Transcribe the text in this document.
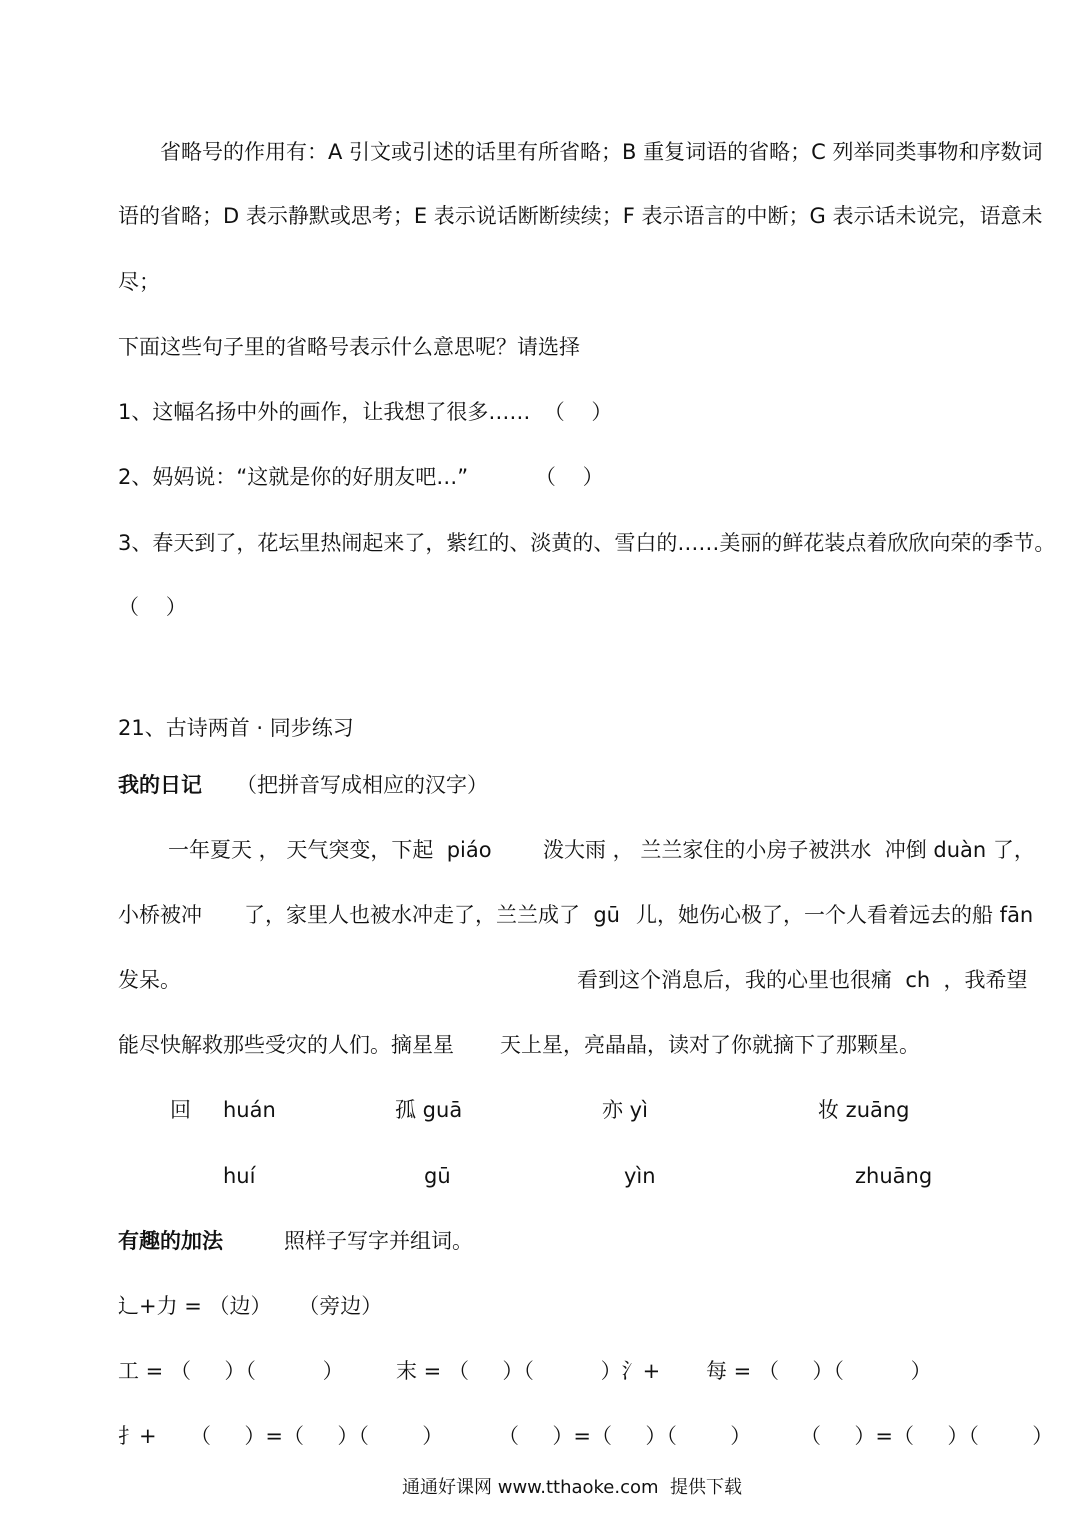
省略号的作用有：A 引文或引述的话里有所省略；B 重复词语的省略；C 列举同类事物和序数词
语的省略；D 表示静默或思考；E 表示说话断断续续；F 表示语言的中断；G 表示话未说完，语意未
尽；
下面这些句子里的省略号表示什么意思呢？请选择
1、这幅名扬中外的画作，让我想了很多……  （    ）
2、妈妈说：“这就是你的好朋友吧…”          （    ）
3、春天到了，花坛里热闹起来了，紫红的、淡黄的、雪白的……美丽的鲜花装点着欣欣向荣的季节。
（    ）
21、古诗两首 · 同步练习
我的日记 （把拼音写成相应的汉字）
一年夏天 ， 天气突变，下起  piáo 泼大雨 ， 兰兰家住的小房子被洪水  冲倒 duàn 了，
小桥被冲 了，家里人也被水冲走了，兰兰成了  gū 儿，她伤心极了，一个人看着远去的船 fān
发呆。	看到这个消息后，我的心里也很痛  ch  ，我希望
能尽快解救那些受灾的人们。摘星星 天上星，亮晶晶，读对了你就摘下了那颗星。
回 huán	孤 guā	亦 yì	妆 zuāng
huí	gū	yìn	zhuāng
有趣的加法	照样子写字并组词。
辶+力 = （边）    （旁边）
工 = （     ）（          ） 末 = （     ）（          ）氵+ 每 = （     ）（          ）
扌+     （     ）=（     ）（        ）	（     ）=（     ）（        ） （     ）=（     ）（        ）
通通好课网 www.tthaoke.com  提供下载
